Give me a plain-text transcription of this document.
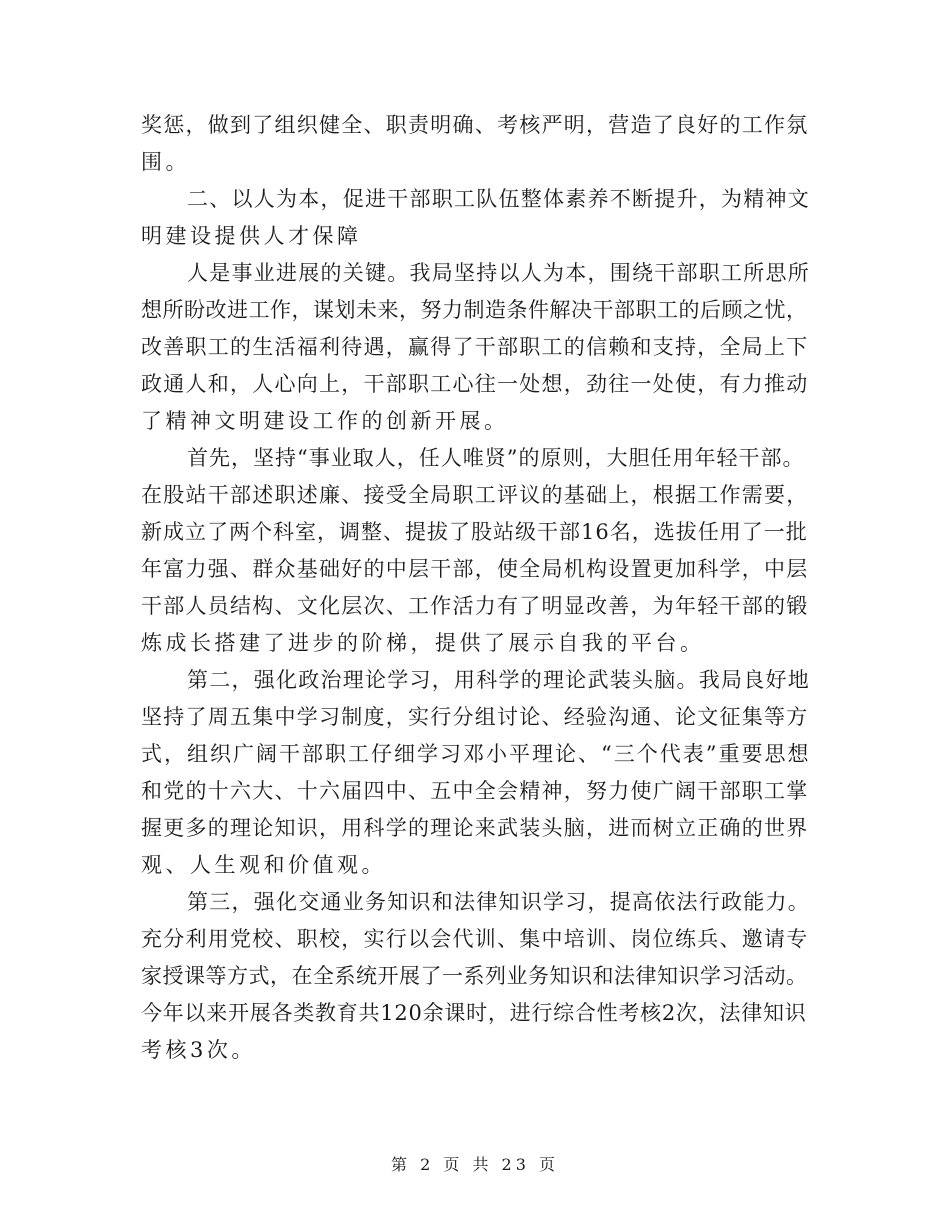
奖惩，做到了组织健全、职责明确、考核严明，营造了良好的工作氛
围。
二、以人为本，促进干部职工队伍整体素养不断提升，为精神文
明建设提供人才保障
人是事业进展的关键。我局坚持以人为本，围绕干部职工所思所
想所盼改进工作，谋划未来，努力制造条件解决干部职工的后顾之忧，
改善职工的生活福利待遇，赢得了干部职工的信赖和支持，全局上下
政通人和，人心向上，干部职工心往一处想，劲往一处使，有力推动
了精神文明建设工作的创新开展。
首先，坚持“事业取人，任人唯贤”的原则，大胆任用年轻干部。
在股站干部述职述廉、接受全局职工评议的基础上，根据工作需要，
新成立了两个科室，调整、提拔了股站级干部16名，选拔任用了一批
年富力强、群众基础好的中层干部，使全局机构设置更加科学，中层
干部人员结构、文化层次、工作活力有了明显改善，为年轻干部的锻
炼成长搭建了进步的阶梯，提供了展示自我的平台。
第二，强化政治理论学习，用科学的理论武装头脑。我局良好地
坚持了周五集中学习制度，实行分组讨论、经验沟通、论文征集等方
式，组织广阔干部职工仔细学习邓小平理论、“三个代表”重要思想
和党的十六大、十六届四中、五中全会精神，努力使广阔干部职工掌
握更多的理论知识，用科学的理论来武装头脑，进而树立正确的世界
观、人生观和价值观。
第三，强化交通业务知识和法律知识学习，提高依法行政能力。
充分利用党校、职校，实行以会代训、集中培训、岗位练兵、邀请专
家授课等方式，在全系统开展了一系列业务知识和法律知识学习活动。
今年以来开展各类教育共120余课时，进行综合性考核2次，法律知识
考核3次。
第 2 页 共 23 页
